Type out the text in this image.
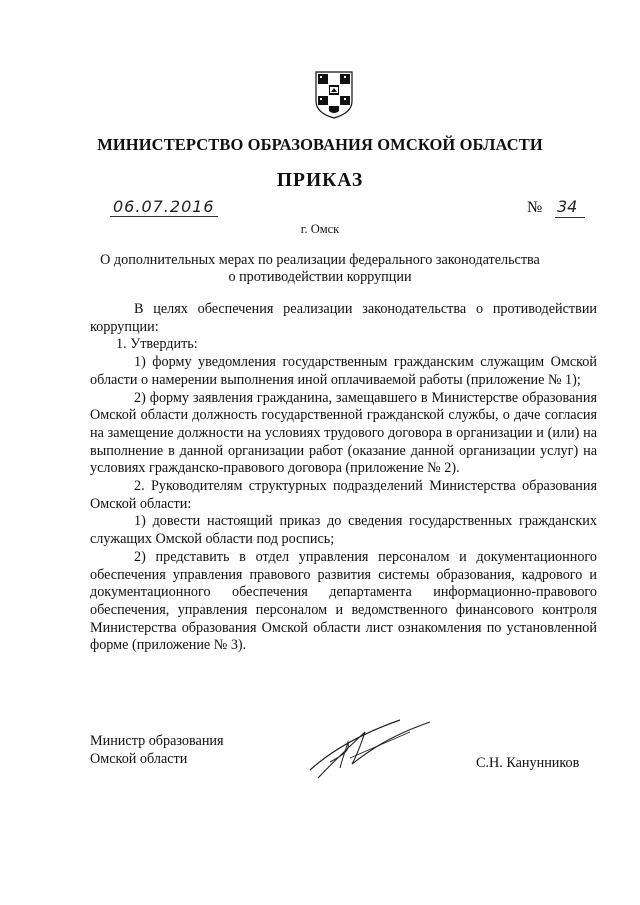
МИНИСТЕРСТВО ОБРАЗОВАНИЯ ОМСКОЙ ОБЛАСТИ
ПРИКАЗ
06.07.2016	№ 34
г. Омск
О дополнительных мерах по реализации федерального законодательства о противодействии коррупции

В целях обеспечения реализации законодательства о противодействии коррупции:

1. Утвердить:

1) форму уведомления государственным гражданским служащим Омской области о намерении выполнения иной оплачиваемой работы (приложение № 1);

2) форму заявления гражданина, замещавшего в Министерстве образования Омской области должность государственной гражданской службы, о даче согласия на замещение должности на условиях трудового договора в организации и (или) на выполнение в данной организации работ (оказание данной организации услуг) на условиях гражданско-правового договора (приложение № 2).

2. Руководителям структурных подразделений Министерства образования Омской области:

1) довести настоящий приказ до сведения государственных гражданских служащих Омской области под роспись;

2) представить в отдел управления персоналом и документационного обеспечения управления правового развития системы образования, кадрового и документационного обеспечения департамента информационно-правового обеспечения, управления персоналом и ведомственного финансового контроля Министерства образования Омской области лист ознакомления по установленной форме (приложение № 3).

Министр образования
Омской области	С.Н. Канунников
